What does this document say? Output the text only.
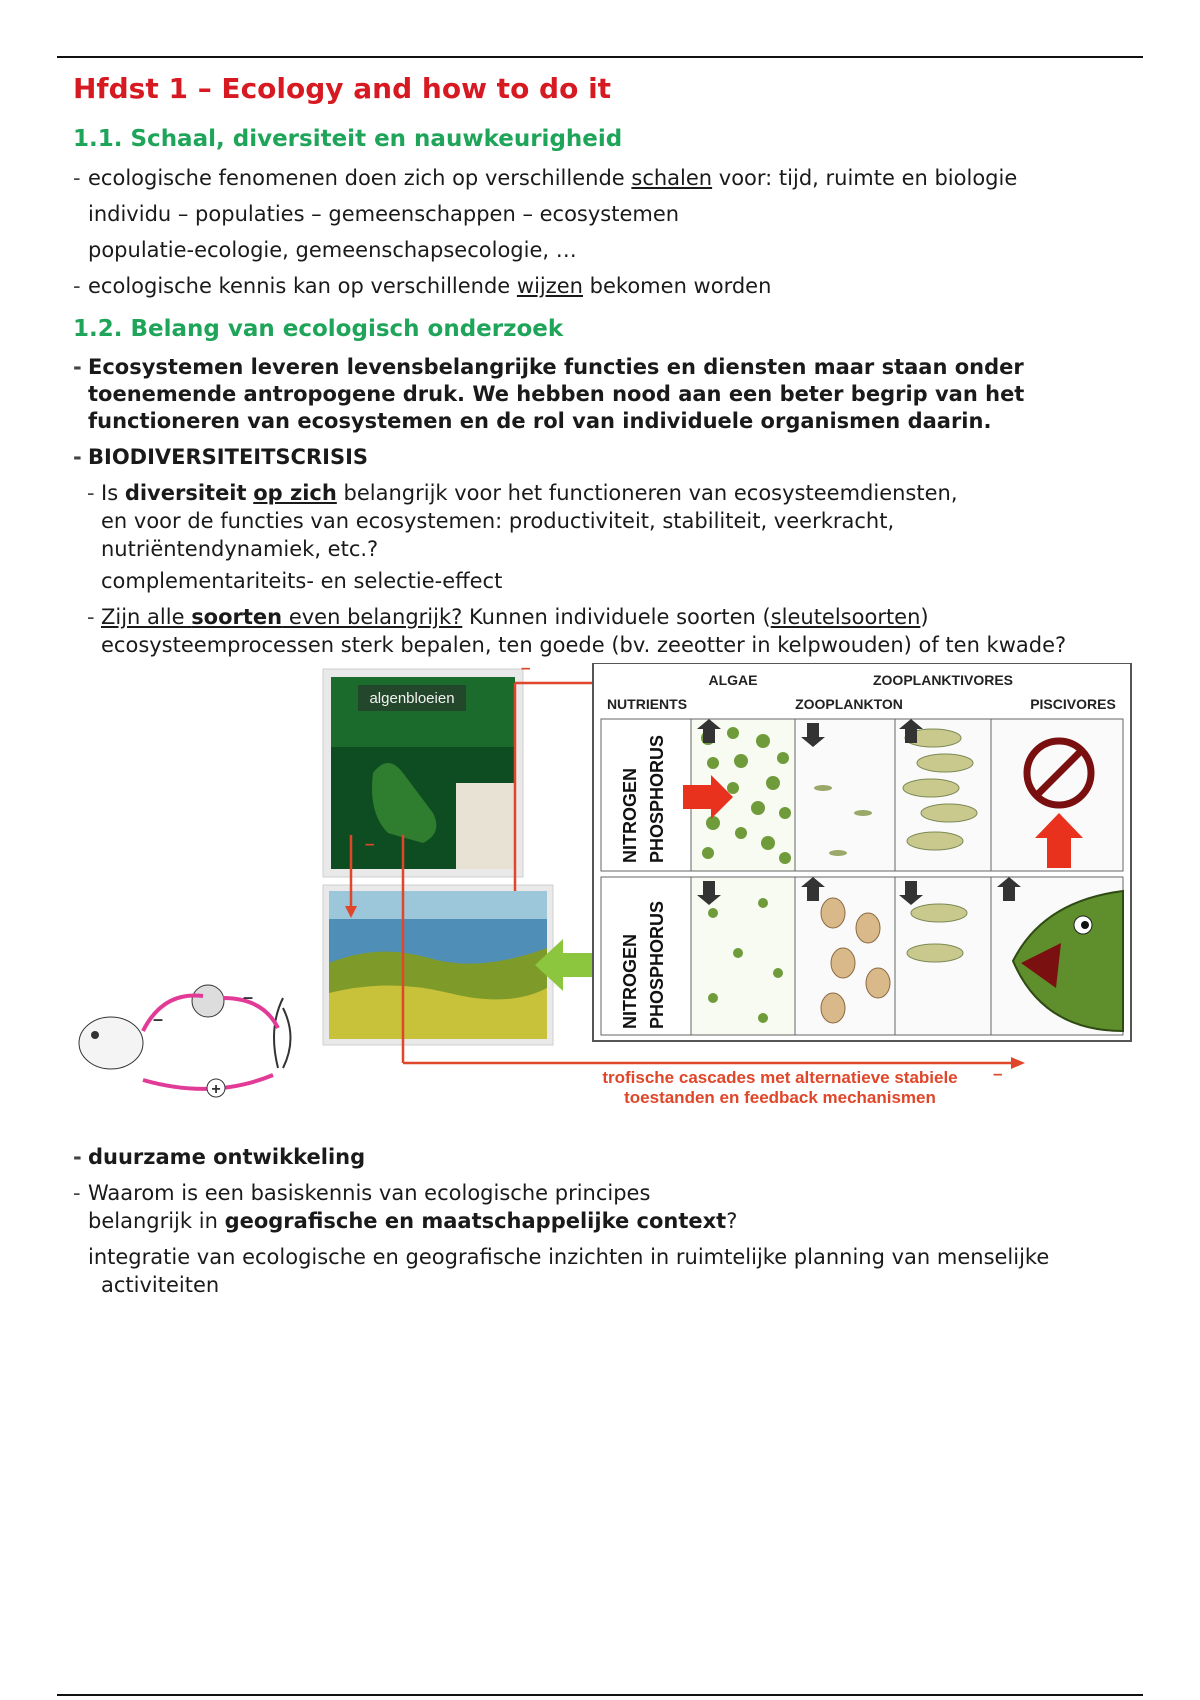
Hfdst 1 – Ecology and how to do it
1.1. Schaal, diversiteit en nauwkeurigheid

- ecologische fenomenen doen zich op verschillende schalen voor: tijd, ruimte en biologie

individu – populaties – gemeenschappen – ecosystemen

populatie-ecologie, gemeenschapsecologie, …

- ecologische kennis kan op verschillende wijzen bekomen worden

1.2. Belang van ecologisch onderzoek

- Ecosystemen leveren levensbelangrijke functies en diensten maar staan onder toenemende antropogene druk. We hebben nood aan een beter begrip van het functioneren van ecosystemen en de rol van individuele organismen daarin.

- BIODIVERSITEITSCRISIS

- Is diversiteit op zich belangrijk voor het functioneren van ecosysteemdiensten,

en voor de functies van ecosystemen: productiviteit, stabiliteit, veerkracht,

nutriëntendynamiek, etc.?

complementariteits- en selectie-effect

- Zijn alle soorten even belangrijk? Kunnen individuele soorten (sleutelsoorten)

ecosysteemprocessen sterk bepalen, ten goede (bv. zeeotter in kelpwouden) of ten kwade?

algenbloeien
–
–
–
ALGAE	ZOOPLANKTIVORES
NUTRIENTS	ZOOPLANKTON	PISCIVORES
NITROGEN PHOSPHORUS
NITROGEN PHOSPHORUS
–
–
+
trofische cascades met alternatieve stabiele
toestanden en feedback mechanismen

- duurzame ontwikkeling

- Waarom is een basiskennis van ecologische principes

belangrijk in geografische en maatschappelijke context?

integratie van ecologische en geografische inzichten in ruimtelijke planning van menselijke

activiteiten
